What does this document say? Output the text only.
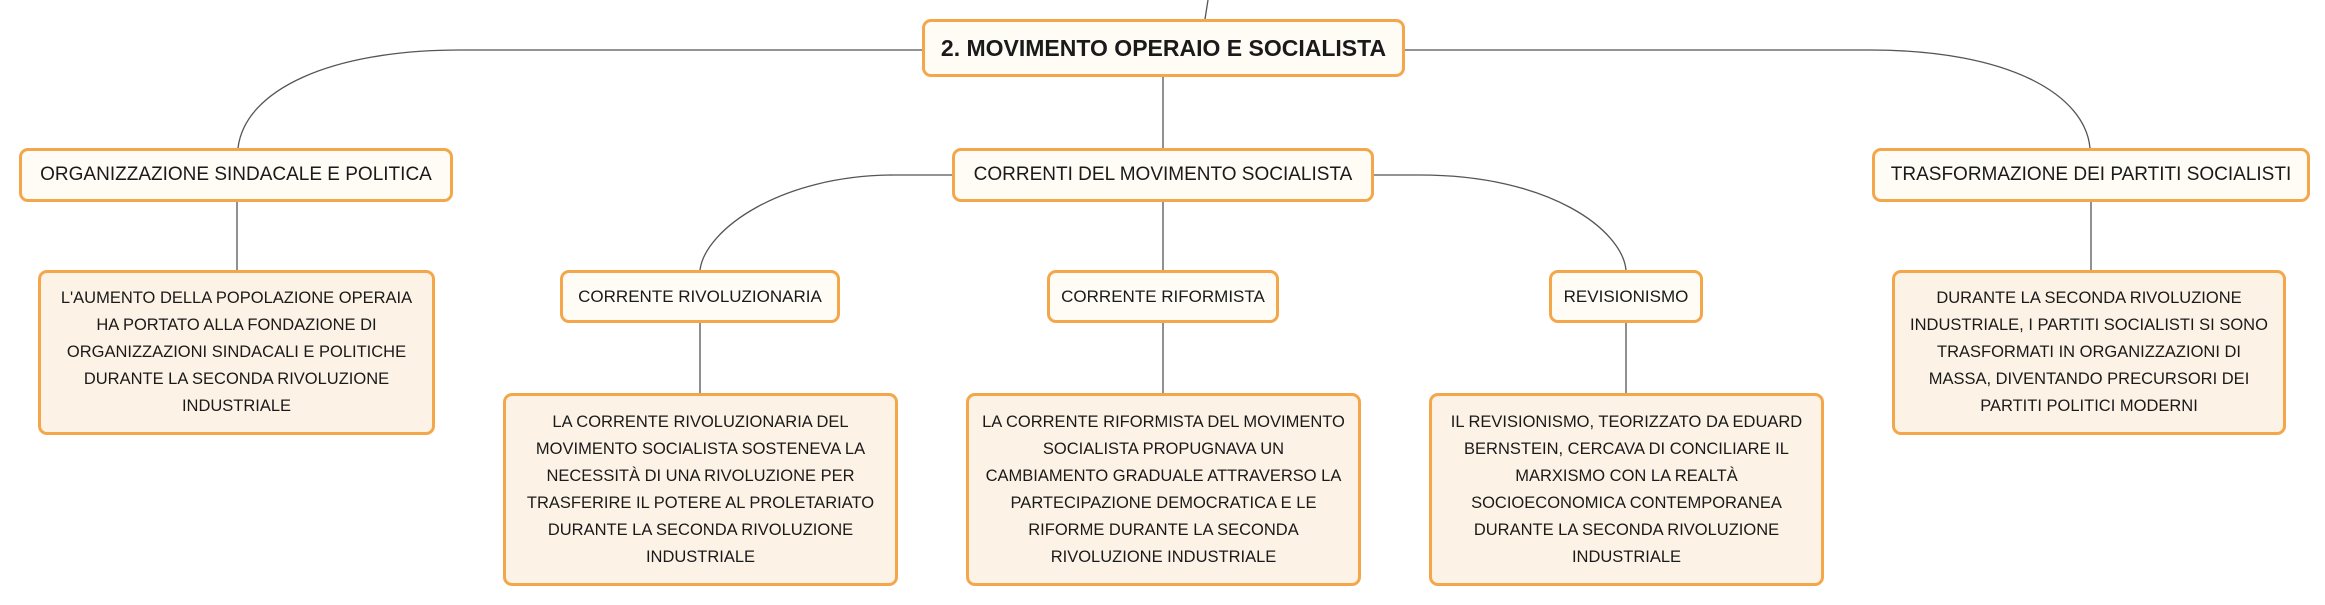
2. MOVIMENTO OPERAIO E SOCIALISTA
ORGANIZZAZIONE SINDACALE E POLITICA	CORRENTI DEL MOVIMENTO SOCIALISTA	TRASFORMAZIONE DEI PARTITI SOCIALISTI
CORRENTE RIVOLUZIONARIA	CORRENTE RIFORMISTA	REVISIONISMO
L'AUMENTO DELLA POPOLAZIONE OPERAIA HA PORTATO ALLA FONDAZIONE DI ORGANIZZAZIONI SINDACALI E POLITICHE DURANTE LA SECONDA RIVOLUZIONE INDUSTRIALE
DURANTE LA SECONDA RIVOLUZIONE INDUSTRIALE, I PARTITI SOCIALISTI SI SONO TRASFORMATI IN ORGANIZZAZIONI DI MASSA, DIVENTANDO PRECURSORI DEI PARTITI POLITICI MODERNI
LA CORRENTE RIVOLUZIONARIA DEL MOVIMENTO SOCIALISTA SOSTENEVA LA NECESSITÀ DI UNA RIVOLUZIONE PER TRASFERIRE IL POTERE AL PROLETARIATO DURANTE LA SECONDA RIVOLUZIONE INDUSTRIALE
LA CORRENTE RIFORMISTA DEL MOVIMENTO SOCIALISTA PROPUGNAVA UN CAMBIAMENTO GRADUALE ATTRAVERSO LA PARTECIPAZIONE DEMOCRATICA E LE RIFORME DURANTE LA SECONDA RIVOLUZIONE INDUSTRIALE
IL REVISIONISMO, TEORIZZATO DA EDUARD BERNSTEIN, CERCAVA DI CONCILIARE IL MARXISMO CON LA REALTÀ SOCIOECONOMICA CONTEMPORANEA DURANTE LA SECONDA RIVOLUZIONE INDUSTRIALE
